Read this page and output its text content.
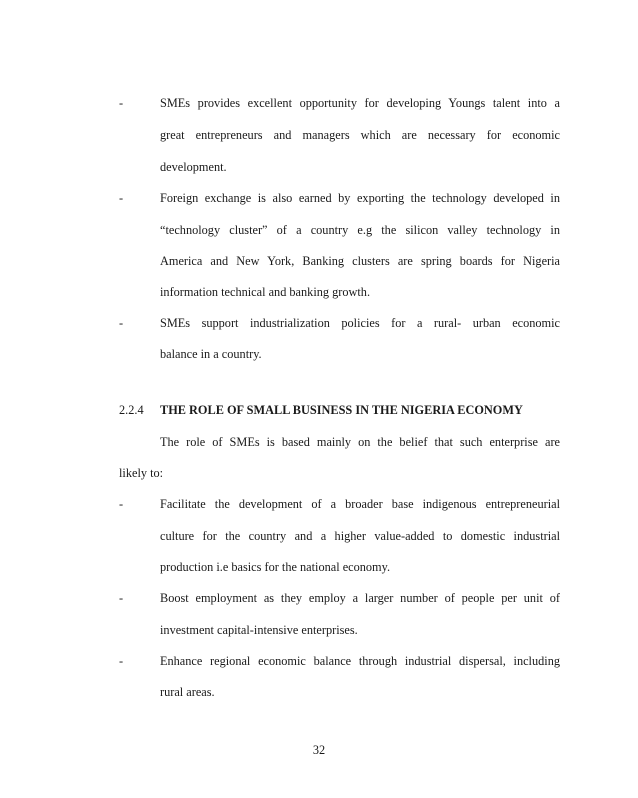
-	SMEs provides excellent opportunity for developing Youngs talent into a
great entrepreneurs and managers which are necessary for economic
development.
-	Foreign exchange is also earned by exporting the technology developed in
“technology cluster” of a country e.g the silicon valley technology in
America and New York, Banking clusters are spring boards for Nigeria
information technical and banking growth.
-	SMEs support industrialization policies for a rural- urban economic
balance in a country.
2.2.4 THE ROLE OF SMALL BUSINESS IN THE NIGERIA ECONOMY
The role of SMEs is based mainly on the belief that such enterprise are
likely to:
-	Facilitate the development of a broader base indigenous entrepreneurial
culture for the country and a higher value-added to domestic industrial
production i.e basics for the national economy.
-	Boost employment as they employ a larger number of people per unit of
investment capital-intensive enterprises.
-	Enhance regional economic balance through industrial dispersal, including
rural areas.
32
